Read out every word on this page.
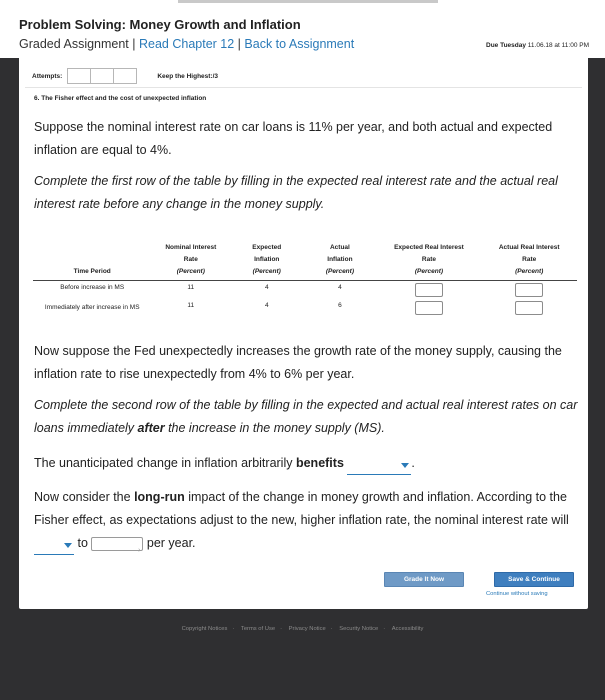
Problem Solving: Money Growth and Inflation
Graded Assignment | Read Chapter 12 | Back to Assignment	Due Tuesday 11.06.18 at 11:00 PM
Attempts:	Keep the Highest: /3
6. The Fisher effect and the cost of unexpected inflation
Suppose the nominal interest rate on car loans is 11% per year, and both actual and expected inflation are equal to 4%.
Complete the first row of the table by filling in the expected real interest rate and the actual real interest rate before any change in the money supply.
Time Period	Nominal Interest
Rate
(Percent)	Expected
Inflation
(Percent)	Actual
Inflation
(Percent)	Expected Real Interest
Rate
(Percent)	Actual Real Interest
Rate
(Percent)
Before increase in MS	11	4	4		
Immediately after increase in MS	11	4	6		
Now suppose the Fed unexpectedly increases the growth rate of the money supply, causing the inflation rate to rise unexpectedly from 4% to 6% per year.
Complete the second row of the table by filling in the expected and actual real interest rates on car loans immediately after the increase in the money supply (MS).
The unanticipated change in inflation arbitrarily benefits	.
Now consider the long-run impact of the change in money growth and inflation. According to the Fisher effect, as expectations adjust to the new, higher inflation rate, the nominal interest rate will
to
›
per year.
Grade It Now	Save & Continue
Continue without saving
Copyright Notices · Terms of Use · Privacy Notice · Security Notice · Accessibility
